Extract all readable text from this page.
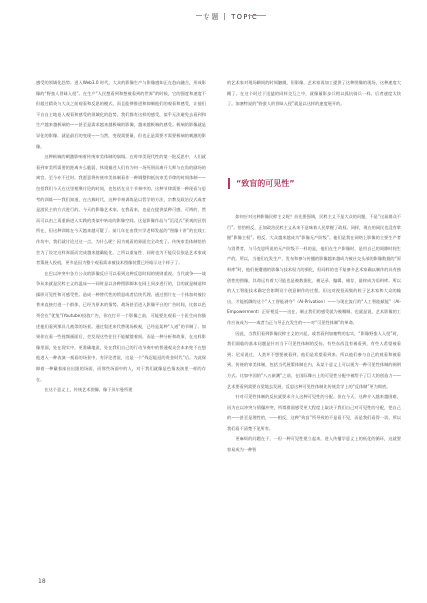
专 题 TOPIC

感受的领域化趋势。进入Web3.0 时代，大众的影像生产与影像感知正在趋向融合，形成影像的“野蛮人冒昧入侵”。在生产“人民想看到和想被看到的世界”的时候，它的强度和速度不但超过精英与大众之前观看和反思的模式，而且能够推进和抑制他们的观看和感受，让他们不自自主地卷入观看和感受的领域化的趋势。我们都有这样的感受，似乎无法避免去看到和生产越来越极端的——甚至是需求越来越极端的影像，越来越极端的感受。极端的影像就是异化的影像，就是最后的变现——当然，变现需要量，但也正是需要才需要极端的刺激的影像。

这种极端的刺激影响着传统审美体制的崩塌。在时审美现代性的第一批反思中，人们就看到审美所需要的距离多么脆弱，休谟描述人们有为何一场死刑而离开大师与在角的剧场的离宫，至今亦不过时。我愿意将传统审美体制看作一种调整和抵抗审美节律的时间体制——包括我们今天在这里相聚讨论的时间，也包括在这个节奏中的。这种节律需要一种现看与思考的训练——我们知道，在古典时代，这种节奏训练是以哲学的方法，宗教及政治仪式或者是游民主的方式进行的。今天的影像艺术家，在我看来，也是在提供某种可感、可辨的、然而可以由之再重新进入实践的类似中转站的影像空间。这是影像作品与“沉浸式”景观的区别所在，但这种训练在今天越来越可疑了。前几年在由我兴学老师发起的“图像十讲”的在线工作坊中，我们就讨论过这一点，为什么呢？因为观看的界面完全改变了。传统审美体制恰恰会为了设定这样界面而完成越来越确能化、之所以重复性、同时也为不能仅仅依是艺术家或者策展人投机，更多是因为整个观看需求被技术图像装置已经暗示这个样子了。

在巴以冲突中各方公众的影像反应可以看到这种反思时间的规则重视。当代战争——战争从来就是民粹主义的温床——同时是以各种图影脚本在网上同步进行的，目的就是制造和操纵可见性和可感受性。造成一种替代性的愤怒或者信快代理。通过图片在一个体加何被拉普来直接打进一个群体，已经为原本的情势。战场甚至进入影像平台的广告时间，比如以色列会在“优兔”(Youtube)投放广告，你在打开一个影像之前，可能要先观看一个医生向你描述他们看到那具儿被杀的场景。通过叙述来代替现场极观，已经是某种“人道”的节制了。如果你在看一些视频画面后，会发现这些往往不能赋镜着间，而是一种分析和故事，在这样影像里面，处在现实中，更准确地说，处在我们自己的行动节奏中的普通观众会本来兜不在想他进入一种表演一观看的场景中，有评论者说，这是一个“残忍能逗的贵金时代”后。为此保障着一种戴着部启出限的场面，而那些场面中的人，对于我们就像是色情表演里一样的存在。

在这个意义上，传统艺术图像，像于贝尔曼所建

的艺术家对现场瞬间的时间触摸，但影像，艺术家再加工提供了这种图像的现场，这种速度大概了。在这个时过于迅猛的同样交互之中，就像量影步兵相以孤抗骑兵一样。后者速度太快了。加塞特说的“野蛮人的冒昧入侵”就是以这样的速度展开的。

“致盲的可见性”

如何应对这种影像民粹主义呢？首先要强调，民粹主义不是大众的问题，不是“这届群众不行”。恰恰相反，正如政治民粹主义从来不意味着人民掌握了政权。同样，现在的网民也没有掌握“影像主权”。相反，大众越来越成为“影像无产阶级”。他们是我在网络上影像的主要生产者与消费者，与马克思所说的无产阶级不一样的是，他们在生产影像时，是用自己的间隙时间生产的。所以，当他们在发生产、发布和参与传播的影像越来越成为被社交头部的影像数据的“原料库”时，他们便遭遇的影像与技术权力的驯化，但同样的也不复参多艺术家确以制作的具有独创性的图像，其命运有着大可能也是被数据化、被记录、编辑，储存，最终成为语料库。所以的人工智能技术确定会如期设个创意制作的过程，但这对视投而集的粒子艺术家和大众的输出，才能抵御的这个“人工智能剥夺”（AI-Privation）——与现在流行的“人工智能赋能”（AI-Empowerment）正好相反——这在，制止我们的感受就为被哪制。也就是说，艺术影像的工作应该成为——或者当正与导正在发生的——对“可见性体制”的革命。

因此，当我们看到影像民粹主义的兴起，或者看到加塞特的忠实，“影像野蛮人入侵”时，我们面临的基本问题是针对当下可见性体制的反抗。有些东西没有被看到，有些人希望被看到；尼采说过，人类并不想要被看到，他们是希望看到来。所以他们参与自己的观看和被看到。传统的审美体制，包括当代展策体制在内，从某个意义上可以视为一种可见性体制的阐明方式。比如中国的“八五新潮”之前，在国际舞台上的可见性分配中被给予了巨大的创造力——艺术要看到需要自觉地去发展，反思这种可见性体制比传统美学上的“反体制”更为彻底。

针对可见性体制的反抗就要求介入这种可见性的分配。但在今天，这种介入越来越困难，因为在以冲突与情爆冲突，所谓群面感受更大程度上取决于我们自己对可见性的分配，把自己的——甚至是理性的，——相反，这种“致盲”所导致的不是看不见，而是我们看得一切，所以我们看不清楚不见所有。

更麻烦的问题在于，一但一种可见性建立起来，进入传播学意义上的低化的循环，这就要容易成为一种智

18
